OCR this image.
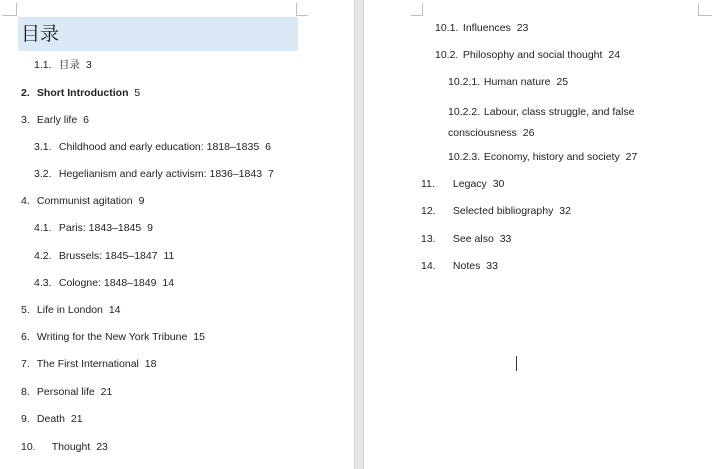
目录
1.1. 目录 3
2. Short Introduction 5
3. Early life 6
3.1. Childhood and early education: 1818–1835 6
3.2. Hegelianism and early activism: 1836–1843 7
4. Communist agitation 9
4.1. Paris: 1843–1845 9
4.2. Brussels: 1845–1847 11
4.3. Cologne: 1848–1849 14
5. Life in London 14
6. Writing for the New York Tribune 15
7. The First International 18
8. Personal life 21
9. Death 21
10. Thought 23
10.1. Influences 23
10.2. Philosophy and social thought 24
10.2.1. Human nature 25
10.2.2. Labour, class struggle, and false consciousness 26
10.2.3. Economy, history and society 27
11. Legacy 30
12. Selected bibliography 32
13. See also 33
14. Notes 33
